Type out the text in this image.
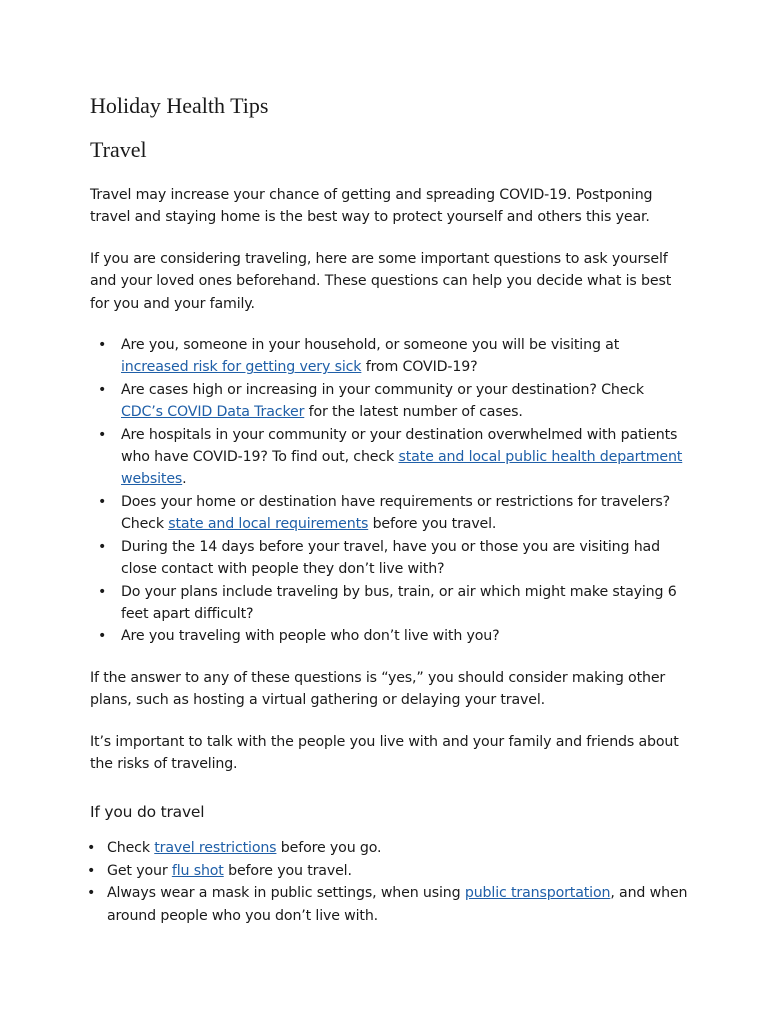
Holiday Health Tips
Travel

Travel may increase your chance of getting and spreading COVID-19. Postponing travel and staying home is the best way to protect yourself and others this year.

If you are considering traveling, here are some important questions to ask yourself and your loved ones beforehand. These questions can help you decide what is best for you and your family.

• Are you, someone in your household, or someone you will be visiting at increased risk for getting very sick from COVID-19?
• Are cases high or increasing in your community or your destination? Check CDC’s COVID Data Tracker for the latest number of cases.
• Are hospitals in your community or your destination overwhelmed with patients who have COVID-19? To find out, check state and local public health department websites.
• Does your home or destination have requirements or restrictions for travelers? Check state and local requirements before you travel.
• During the 14 days before your travel, have you or those you are visiting had close contact with people they don’t live with?
• Do your plans include traveling by bus, train, or air which might make staying 6 feet apart difficult?
• Are you traveling with people who don’t live with you?

If the answer to any of these questions is “yes,” you should consider making other plans, such as hosting a virtual gathering or delaying your travel.

It’s important to talk with the people you live with and your family and friends about the risks of traveling.

If you do travel
• Check travel restrictions before you go.
• Get your flu shot before you travel.
• Always wear a mask in public settings, when using public transportation, and when around people who you don’t live with.
